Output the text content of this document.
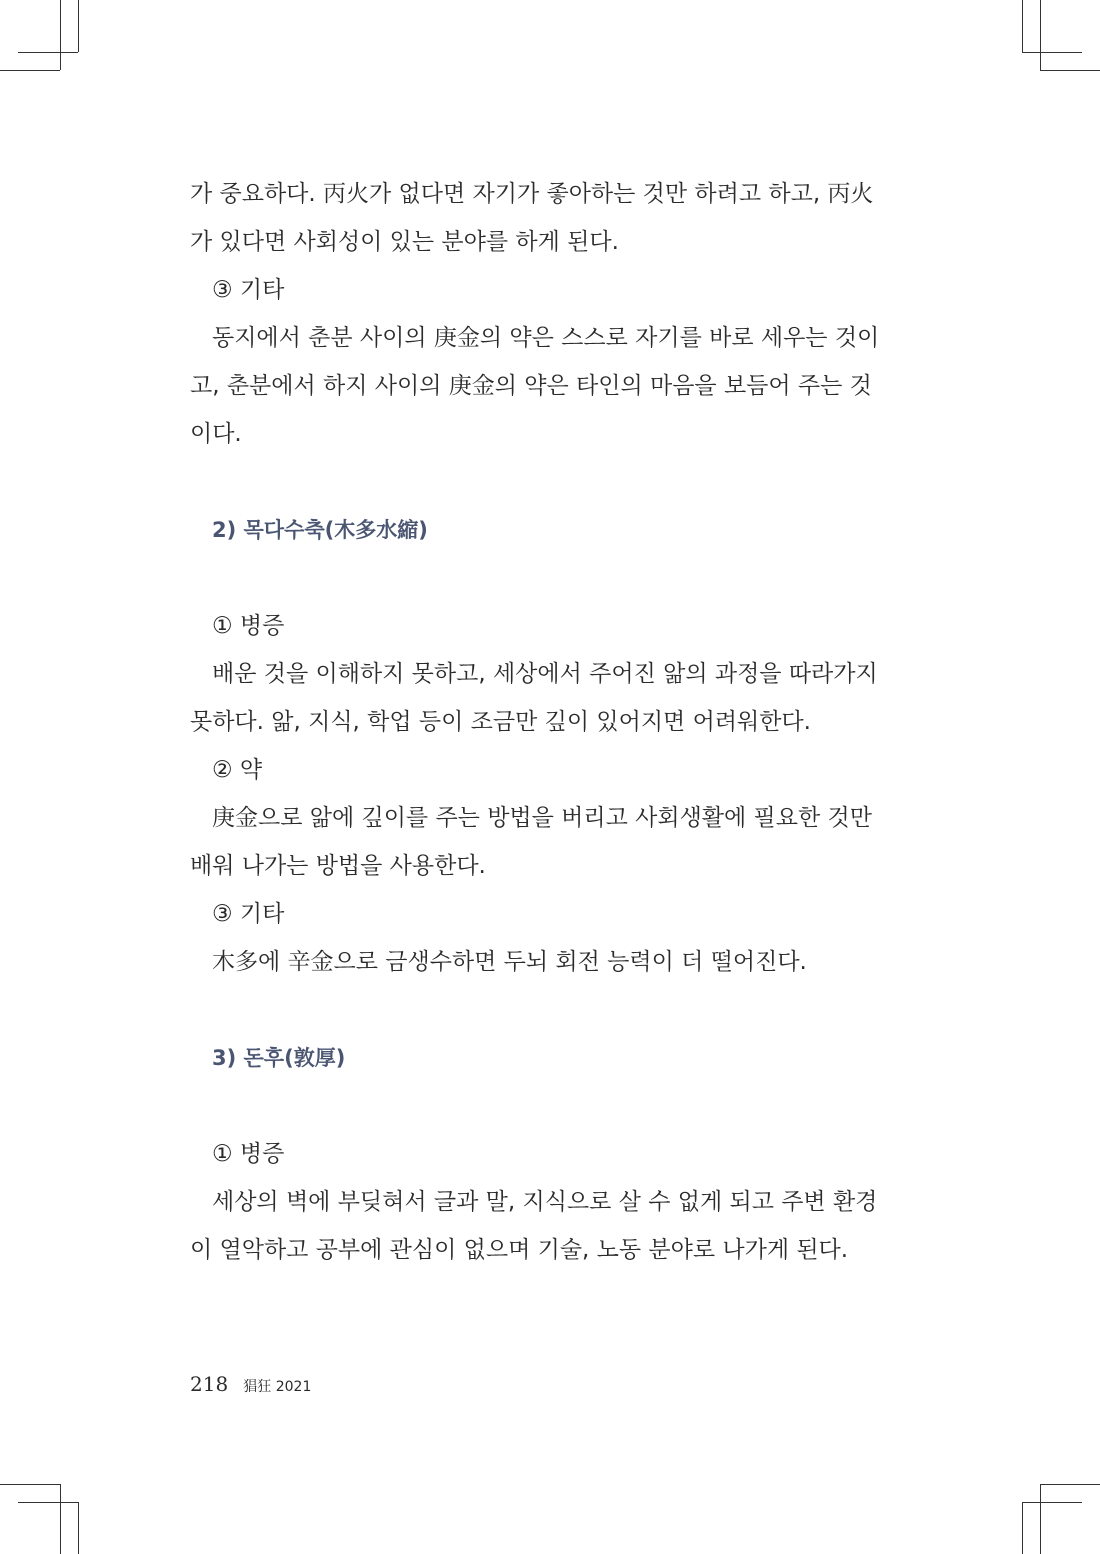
가 중요하다. 丙火가 없다면 자기가 좋아하는 것만 하려고 하고, 丙火

가 있다면 사회성이 있는 분야를 하게 된다.

③ 기타

동지에서 춘분 사이의 庚金의 약은 스스로 자기를 바로 세우는 것이

고, 춘분에서 하지 사이의 庚金의 약은 타인의 마음을 보듬어 주는 것

이다.

2) 목다수축(木多水縮)

① 병증

배운 것을 이해하지 못하고, 세상에서 주어진 앎의 과정을 따라가지

못하다. 앎, 지식, 학업 등이 조금만 깊이 있어지면 어려워한다.

② 약

庚金으로 앎에 깊이를 주는 방법을 버리고 사회생활에 필요한 것만

배워 나가는 방법을 사용한다.

③ 기타

木多에 辛金으로 금생수하면 두뇌 회전 능력이 더 떨어진다.

3) 돈후(敦厚)

① 병증

세상의 벽에 부딪혀서 글과 말, 지식으로 살 수 없게 되고 주변 환경

이 열악하고 공부에 관심이 없으며 기술, 노동 분야로 나가게 된다.

218 猖狂 2021
